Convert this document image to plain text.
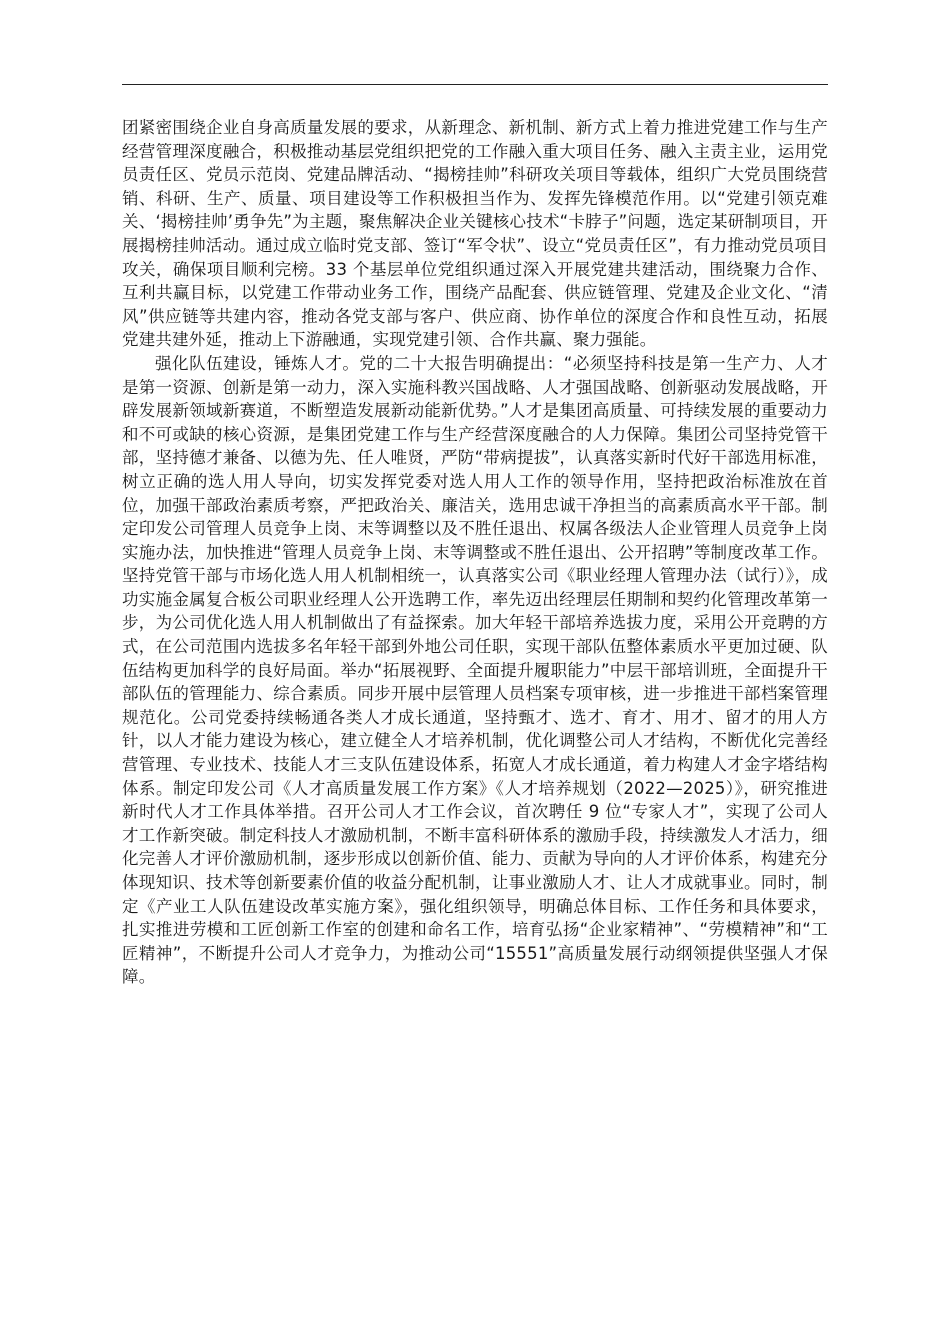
团紧密围绕企业自身高质量发展的要求，从新理念、新机制、新方式上着力推进党建工作与生产经营管理深度融合，积极推动基层党组织把党的工作融入重大项目任务、融入主责主业，运用党员责任区、党员示范岗、党建品牌活动、“揭榜挂帅”科研攻关项目等载体，组织广大党员围绕营销、科研、生产、质量、项目建设等工作积极担当作为、发挥先锋模范作用。以“党建引领克难关、‘揭榜挂帅’勇争先”为主题，聚焦解决企业关键核心技术“卡脖子”问题，选定某研制项目，开展揭榜挂帅活动。通过成立临时党支部、签订“军令状”、设立“党员责任区”，有力推动党员项目攻关，确保项目顺利完榜。33 个基层单位党组织通过深入开展党建共建活动，围绕聚力合作、互利共赢目标，以党建工作带动业务工作，围绕产品配套、供应链管理、党建及企业文化、“清风”供应链等共建内容，推动各党支部与客户、供应商、协作单位的深度合作和良性互动，拓展党建共建外延，推动上下游融通，实现党建引领、合作共赢、聚力强能。

强化队伍建设，锤炼人才。党的二十大报告明确提出：“必须坚持科技是第一生产力、人才是第一资源、创新是第一动力，深入实施科教兴国战略、人才强国战略、创新驱动发展战略，开辟发展新领域新赛道，不断塑造发展新动能新优势。”人才是集团高质量、可持续发展的重要动力和不可或缺的核心资源，是集团党建工作与生产经营深度融合的人力保障。集团公司坚持党管干部，坚持德才兼备、以德为先、任人唯贤，严防“带病提拔”，认真落实新时代好干部选用标准，树立正确的选人用人导向，切实发挥党委对选人用人工作的领导作用，坚持把政治标准放在首位，加强干部政治素质考察，严把政治关、廉洁关，选用忠诚干净担当的高素质高水平干部。制定印发公司管理人员竞争上岗、末等调整以及不胜任退出、权属各级法人企业管理人员竞争上岗实施办法，加快推进“管理人员竞争上岗、末等调整或不胜任退出、公开招聘”等制度改革工作。坚持党管干部与市场化选人用人机制相统一，认真落实公司《职业经理人管理办法（试行）》，成功实施金属复合板公司职业经理人公开选聘工作，率先迈出经理层任期制和契约化管理改革第一步，为公司优化选人用人机制做出了有益探索。加大年轻干部培养选拔力度，采用公开竞聘的方式，在公司范围内选拔多名年轻干部到外地公司任职，实现干部队伍整体素质水平更加过硬、队伍结构更加科学的良好局面。举办“拓展视野、全面提升履职能力”中层干部培训班，全面提升干部队伍的管理能力、综合素质。同步开展中层管理人员档案专项审核，进一步推进干部档案管理规范化。公司党委持续畅通各类人才成长通道，坚持甄才、选才、育才、用才、留才的用人方针，以人才能力建设为核心，建立健全人才培养机制，优化调整公司人才结构，不断优化完善经营管理、专业技术、技能人才三支队伍建设体系，拓宽人才成长通道，着力构建人才金字塔结构体系。制定印发公司《人才高质量发展工作方案》《人才培养规划（2022—2025）》，研究推进新时代人才工作具体举措。召开公司人才工作会议，首次聘任 9 位“专家人才”，实现了公司人才工作新突破。制定科技人才激励机制，不断丰富科研体系的激励手段，持续激发人才活力，细化完善人才评价激励机制，逐步形成以创新价值、能力、贡献为导向的人才评价体系，构建充分体现知识、技术等创新要素价值的收益分配机制，让事业激励人才、让人才成就事业。同时，制定《产业工人队伍建设改革实施方案》，强化组织领导，明确总体目标、工作任务和具体要求，扎实推进劳模和工匠创新工作室的创建和命名工作，培育弘扬“企业家精神”、“劳模精神”和“工匠精神”，不断提升公司人才竞争力，为推动公司“15551”高质量发展行动纲领提供坚强人才保障。
